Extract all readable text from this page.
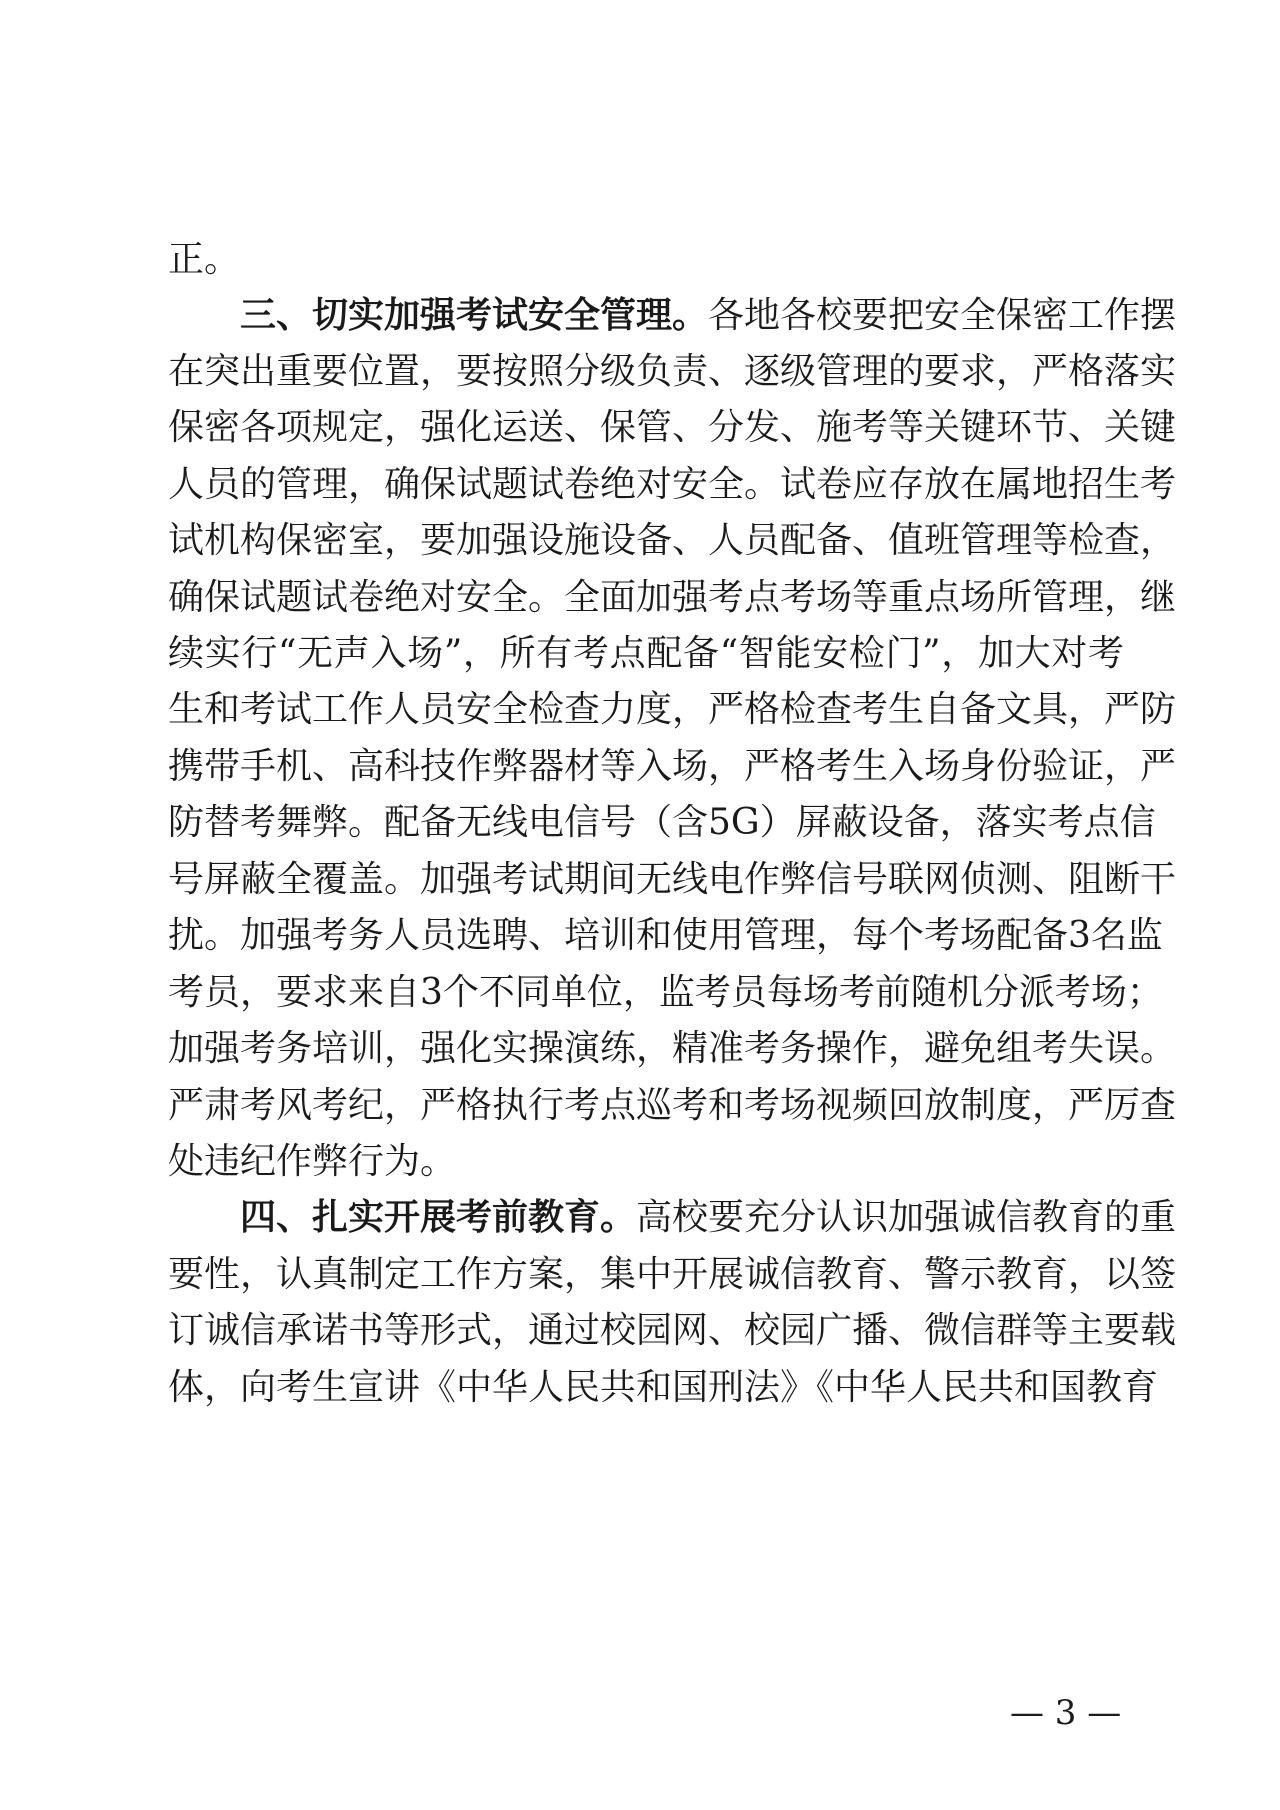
正。
三、切实加强考试安全管理。各地各校要把安全保密工作摆
在突出重要位置，要按照分级负责、逐级管理的要求，严格落实
保密各项规定，强化运送、保管、分发、施考等关键环节、关键
人员的管理，确保试题试卷绝对安全。试卷应存放在属地招生考
试机构保密室，要加强设施设备、人员配备、值班管理等检查，
确保试题试卷绝对安全。全面加强考点考场等重点场所管理，继
续实行“无声入场”，所有考点配备“智能安检门”，加大对考
生和考试工作人员安全检查力度，严格检查考生自备文具，严防
携带手机、高科技作弊器材等入场，严格考生入场身份验证，严
防替考舞弊。配备无线电信号（含5G）屏蔽设备，落实考点信
号屏蔽全覆盖。加强考试期间无线电作弊信号联网侦测、阻断干
扰。加强考务人员选聘、培训和使用管理，每个考场配备3名监
考员，要求来自3个不同单位，监考员每场考前随机分派考场；
加强考务培训，强化实操演练，精准考务操作，避免组考失误。
严肃考风考纪，严格执行考点巡考和考场视频回放制度，严厉查
处违纪作弊行为。
四、扎实开展考前教育。高校要充分认识加强诚信教育的重
要性，认真制定工作方案，集中开展诚信教育、警示教育，以签
订诚信承诺书等形式，通过校园网、校园广播、微信群等主要载
体，向考生宣讲《中华人民共和国刑法》《中华人民共和国教育
— 3 —
